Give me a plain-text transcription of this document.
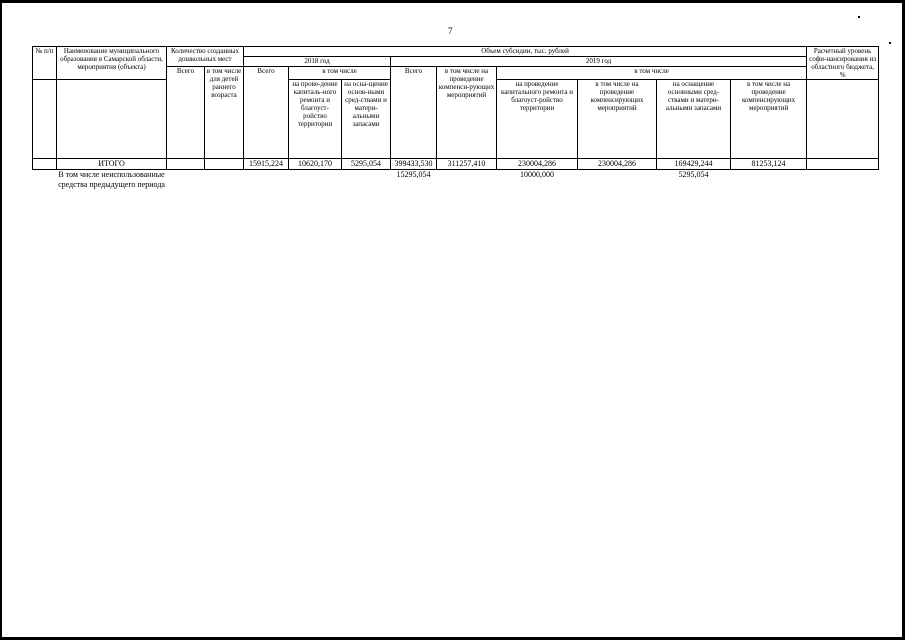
7
№ п/п	Наименование муниципального образования в Самарской области, мероприятия (объекта)	Количество созданных дошкольных мест		Объем субсидии, тыс. рублей									Расчетный уровень софи-нансирования из областного бюджета, %
				2018 год			2019 год						
		Всего	в том числе для детей раннего возраста	Всего	в том числе		Всего	в том числе на проведение компенси-рующих мероприятий	в том числе				
					на прове-дение капиталь-ного ремонта и благоуст-ройство территории	на осна-щение основ-ными сред-ствами и матери-альными запасами			на проведение капитального ремонта и благоуст-ройство территории	в том числе на проведение компенсирующих мероприятий	на оснащение основными сред-ствами и матери-альными запасами	в том числе на проведение компенсирующих мероприятий	
	ИТОГО			15915,224	10620,170	5295,054	399433,530	311257,410	230004,286	230004,286	169429,244	81253,124	
	В том числе неиспользованные средства предыдущего периода						15295,054		10000,000		5295,054		
